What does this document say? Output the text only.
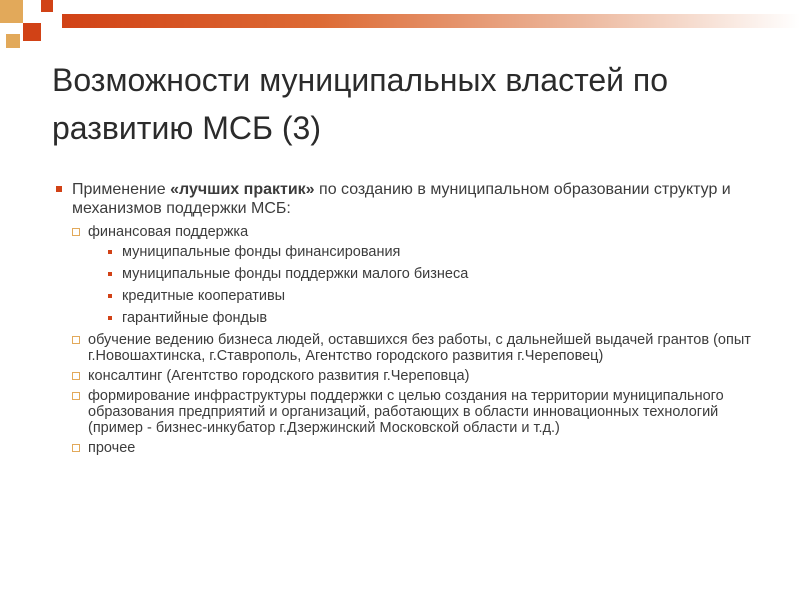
Возможности муниципальных властей по развитию МСБ (3)
Применение «лучших практик» по созданию в муниципальном образовании структур и механизмов поддержки МСБ:
финансовая поддержка
муниципальные фонды финансирования
муниципальные фонды поддержки малого бизнеса
кредитные кооперативы
гарантийные фондыв
обучение ведению бизнеса людей, оставшихся без работы, с дальнейшей выдачей грантов (опыт г.Новошахтинска, г.Ставрополь, Агентство городского развития г.Череповец)
консалтинг (Агентство городского развития г.Череповца)
формирование инфраструктуры поддержки с целью создания на территории муниципального образования предприятий и организаций, работающих в области инновационных технологий (пример - бизнес-инкубатор г.Дзержинский Московской области и т.д.)
прочее
